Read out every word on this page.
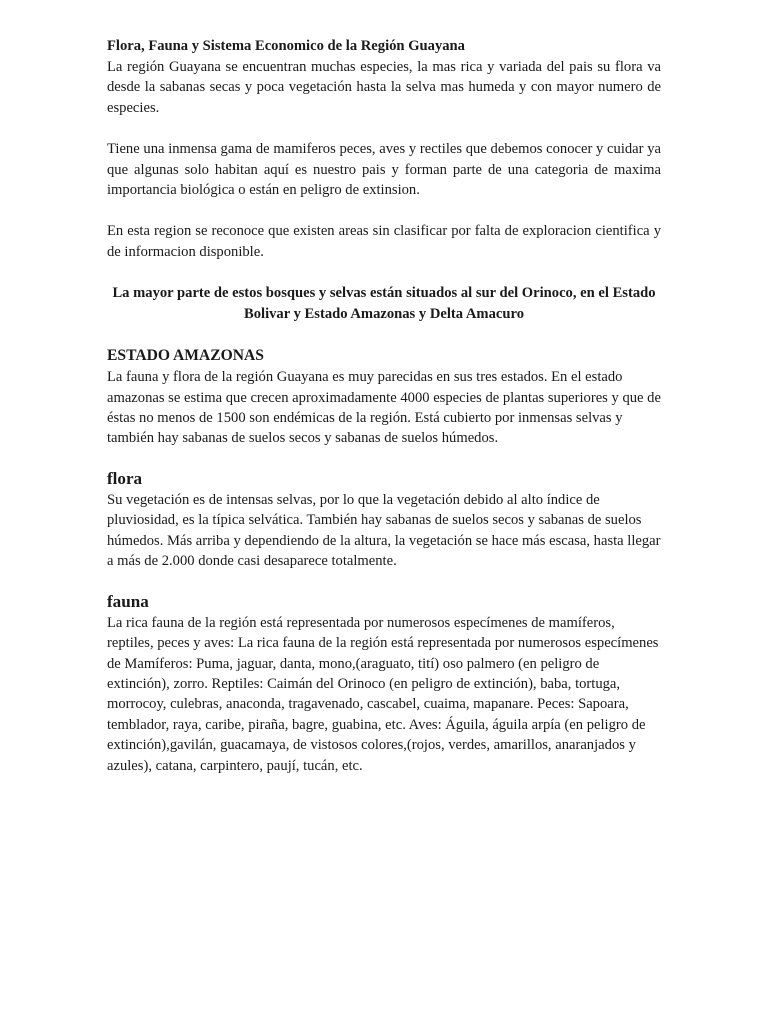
Flora, Fauna y Sistema Economico de la Región Guayana

La región Guayana se encuentran muchas especies, la mas rica y variada del pais su flora va desde la sabanas secas y poca vegetación hasta la selva mas humeda y con mayor numero de especies.

Tiene una inmensa gama de mamiferos peces, aves y rectiles que debemos conocer y cuidar ya que algunas solo habitan aquí es nuestro pais y forman parte de una categoria de maxima importancia biológica o están en peligro de extinsion.

En esta region se reconoce que existen areas sin clasificar por falta de exploracion cientifica y de informacion disponible.

La mayor parte de estos bosques y selvas están situados al sur del Orinoco, en el Estado Bolivar y Estado Amazonas y Delta Amacuro

ESTADO AMAZONAS

La fauna y flora de la región Guayana es muy parecidas en sus tres estados. En el estado amazonas se estima que crecen aproximadamente 4000 especies de plantas superiores y que de éstas no menos de 1500 son endémicas de la región. Está cubierto por inmensas selvas y también hay sabanas de suelos secos y sabanas de suelos húmedos.

flora

Su vegetación es de intensas selvas, por lo que la vegetación debido al alto índice de pluviosidad, es la típica selvática. También hay sabanas de suelos secos y sabanas de suelos húmedos. Más arriba y dependiendo de la altura, la vegetación se hace más escasa, hasta llegar a más de 2.000 donde casi desaparece totalmente.

fauna

La rica fauna de la región está representada por numerosos especímenes de mamíferos, reptiles, peces y aves: La rica fauna de la región está representada por numerosos especímenes de Mamíferos: Puma, jaguar, danta, mono,(araguato, tití) oso palmero (en peligro de extinción), zorro. Reptiles: Caimán del Orinoco (en peligro de extinción), baba, tortuga, morrocoy, culebras, anaconda, tragavenado, cascabel, cuaima, mapanare. Peces: Sapoara, temblador, raya, caribe, piraña, bagre, guabina, etc. Aves: Águila, águila arpía (en peligro de extinción),gavilán, guacamaya, de vistosos colores,(rojos, verdes, amarillos, anaranjados y azules), catana, carpintero, paují, tucán, etc.
